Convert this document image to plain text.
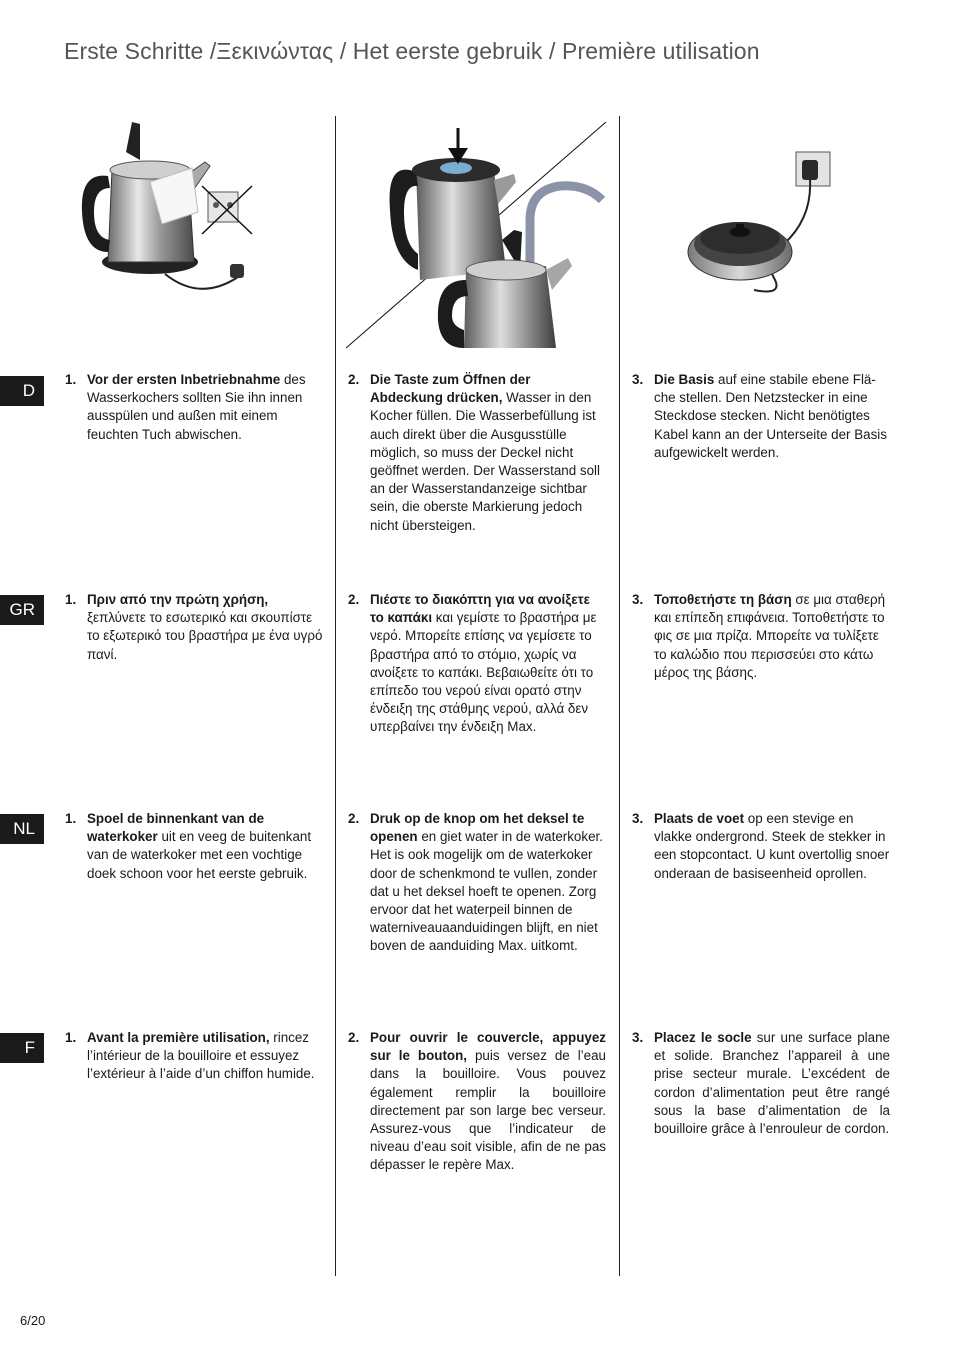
Erste Schritte /Ξεκινώντας / Het eerste gebruik / Première utilisation
D
GR
NL
F
1. Vor der ersten Inbetriebnahme des Wasserkochers sollten Sie ihn innen ausspülen und außen mit einem feuchten Tuch abwischen.
2. Die Taste zum Öffnen der Abdeckung drücken, Wasser in den Kocher füllen. Die Wasserbefüllung ist auch direkt über die Ausgusstülle möglich, so muss der Deckel nicht geöffnet werden. Der Wasserstand soll an der Wasserstandanzeige sichtbar sein, die oberste Markierung jedoch nicht übersteigen.
3. Die Basis auf eine stabile ebene Fläche stellen. Den Netzstecker in eine Steckdose stecken. Nicht benötigtes Kabel kann an der Unterseite der Basis aufgewickelt werden.
1. Πριν από την πρώτη χρήση, ξεπλύνετε το εσωτερικό και σκουπίστε το εξωτερικό του βραστήρα με ένα υγρό πανί.
2. Πιέστε το διακόπτη για να ανοίξετε το καπάκι και γεμίστε το βραστήρα με νερό. Μπορείτε επίσης να γεμίσετε το βραστήρα από το στόμιο, χωρίς να ανοίξετε το καπάκι. Βεβαιωθείτε ότι το επίπεδο του νερού είναι ορατό στην ένδειξη της στάθμης νερού, αλλά δεν υπερβαίνει την ένδειξη Max.
3. Τοποθετήστε τη βάση σε μια σταθερή και επίπεδη επιφάνεια. Τοποθετήστε το φις σε μια πρίζα. Μπορείτε να τυλίξετε το καλώδιο που περισσεύει στο κάτω μέρος της βάσης.
1. Spoel de binnenkant van de waterkoker uit en veeg de buitenkant van de waterkoker met een vochtige doek schoon voor het eerste gebruik.
2. Druk op de knop om het deksel te openen en giet water in de waterkoker. Het is ook mogelijk om de waterkoker door de schenkmond te vullen, zonder dat u het deksel hoeft te openen. Zorg ervoor dat het waterpeil binnen de waterniveauaanduidingen blijft, en niet boven de aanduiding Max. uitkomt.
3. Plaats de voet op een stevige en vlakke ondergrond. Steek de stekker in een stopcontact. U kunt overtollig snoer onderaan de basiseenheid oprollen.
1. Avant la première utilisation, rincez l’intérieur de la bouilloire et essuyez l’extérieur à l’aide d’un chiffon humide.
2. Pour ouvrir le couvercle, appuyez sur le bouton, puis versez de l’eau dans la bouilloire. Vous pouvez également remplir la bouilloire directement par son large bec verseur. Assurez-vous que l’indicateur de niveau d’eau soit visible, afin de ne pas dépasser le repère Max.
3. Placez le socle sur une surface plane et solide. Branchez l’appareil à une prise secteur murale. L’excédent de cordon d’alimentation peut être rangé sous la base d’alimentation de la bouilloire grâce à l’enrouleur de cordon.
6/20
